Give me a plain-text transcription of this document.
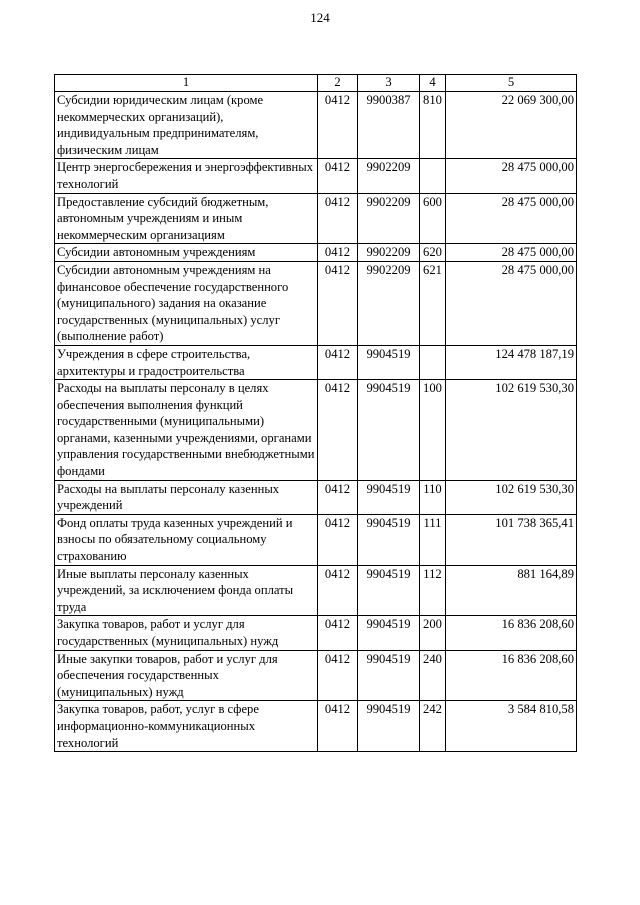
124
1	2	3	4	5
Субсидии юридическим лицам (кроме некоммерческих организаций), индивидуальным предпринимателям, физическим лицам	0412	9900387	810	22 069 300,00
Центр энергосбережения и энергоэффективных технологий	0412	9902209		28 475 000,00
Предоставление субсидий бюджетным, автономным учреждениям и иным некоммерческим организациям	0412	9902209	600	28 475 000,00
Субсидии автономным учреждениям	0412	9902209	620	28 475 000,00
Субсидии автономным учреждениям на финансовое обеспечение государственного (муниципального) задания на оказание государственных (муниципальных) услуг (выполнение работ)	0412	9902209	621	28 475 000,00
Учреждения в сфере строительства, архитектуры и градостроительства	0412	9904519		124 478 187,19
Расходы на выплаты персоналу в целях обеспечения выполнения функций государственными (муниципальными) органами, казенными учреждениями, органами управления государственными внебюджетными фондами	0412	9904519	100	102 619 530,30
Расходы на выплаты персоналу казенных учреждений	0412	9904519	110	102 619 530,30
Фонд оплаты труда казенных учреждений и взносы по обязательному социальному страхованию	0412	9904519	111	101 738 365,41
Иные выплаты персоналу казенных учреждений, за исключением фонда оплаты труда	0412	9904519	112	881 164,89
Закупка товаров, работ и услуг для государственных (муниципальных) нужд	0412	9904519	200	16 836 208,60
Иные закупки товаров, работ и услуг для обеспечения государственных (муниципальных) нужд	0412	9904519	240	16 836 208,60
Закупка товаров, работ, услуг в сфере информационно-коммуникационных технологий	0412	9904519	242	3 584 810,58
